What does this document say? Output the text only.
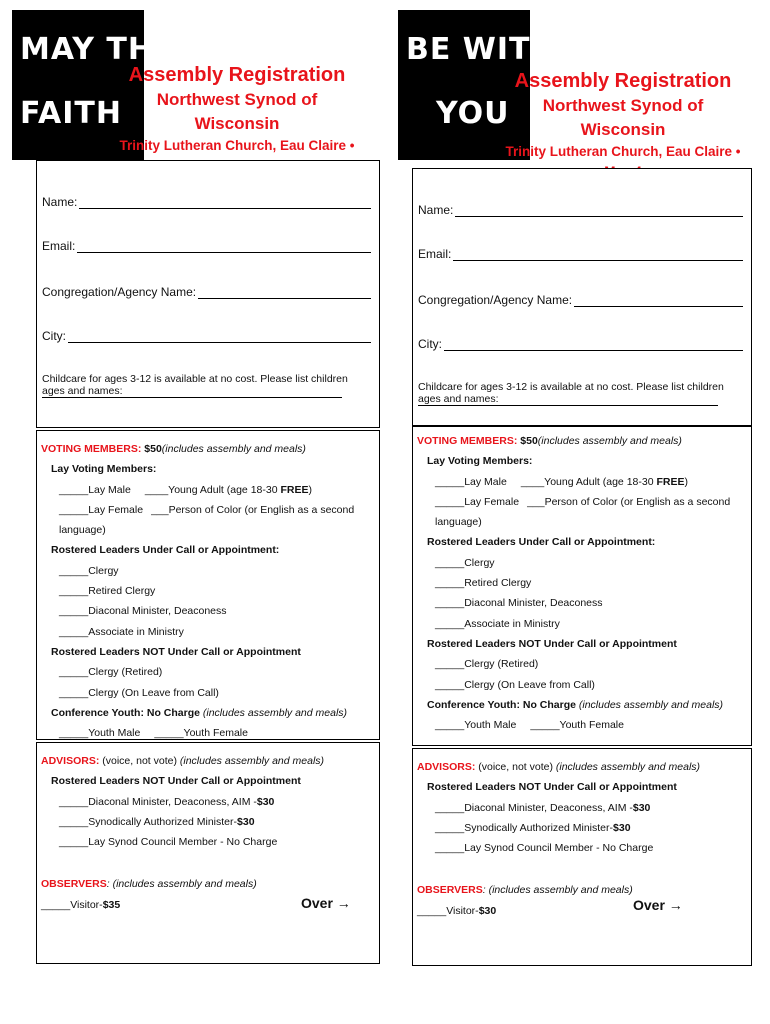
MAY THE
FAITH
Assembly Registration
Northwest Synod of Wisconsin
Trinity Lutheran Church, Eau Claire •
Name:
Email:
Congregation/Agency Name:
City:
Childcare for ages 3-12 is available at no cost. Please list children ages and names:
VOTING MEMBERS: $50(includes assembly and meals)
Lay Voting Members:
_____Lay Male ____Young Adult (age 18-30 FREE)
_____Lay Female ___Person of Color (or English as a second language)
Rostered Leaders Under Call or Appointment:
_____Clergy
_____Retired Clergy
_____Diaconal Minister, Deaconess
_____Associate in Ministry
Rostered Leaders NOT Under Call or Appointment
_____Clergy (Retired)
_____Clergy (On Leave from Call)
Conference Youth: No Charge (includes assembly and meals)
_____Youth Male _____Youth Female
ADVISORS: (voice, not vote) (includes assembly and meals)
Rostered Leaders NOT Under Call or Appointment
_____Diaconal Minister, Deaconess, AIM -$30
_____Synodically Authorized Minister-$30
_____Lay Synod Council Member - No Charge
OBSERVERS: (includes assembly and meals)
_____Visitor-$35	Over →
BE WITH
YOU
Assembly Registration
Northwest Synod of Wisconsin
Trinity Lutheran Church, Eau Claire •
Name:
Email:
Congregation/Agency Name:
City:
Childcare for ages 3-12 is available at no cost. Please list children ages and names:
VOTING MEMBERS: $50(includes assembly and meals)
Lay Voting Members:
_____Lay Male ____Young Adult (age 18-30 FREE)
_____Lay Female ___Person of Color (or English as a second language)
Rostered Leaders Under Call or Appointment:
_____Clergy
_____Retired Clergy
_____Diaconal Minister, Deaconess
_____Associate in Ministry
Rostered Leaders NOT Under Call or Appointment
_____Clergy (Retired)
_____Clergy (On Leave from Call)
Conference Youth: No Charge (includes assembly and meals)
_____Youth Male _____Youth Female
ADVISORS: (voice, not vote) (includes assembly and meals)
Rostered Leaders NOT Under Call or Appointment
_____Diaconal Minister, Deaconess, AIM -$30
_____Synodically Authorized Minister-$30
_____Lay Synod Council Member - No Charge
OBSERVERS: (includes assembly and meals)
_____Visitor-$30	Over →
